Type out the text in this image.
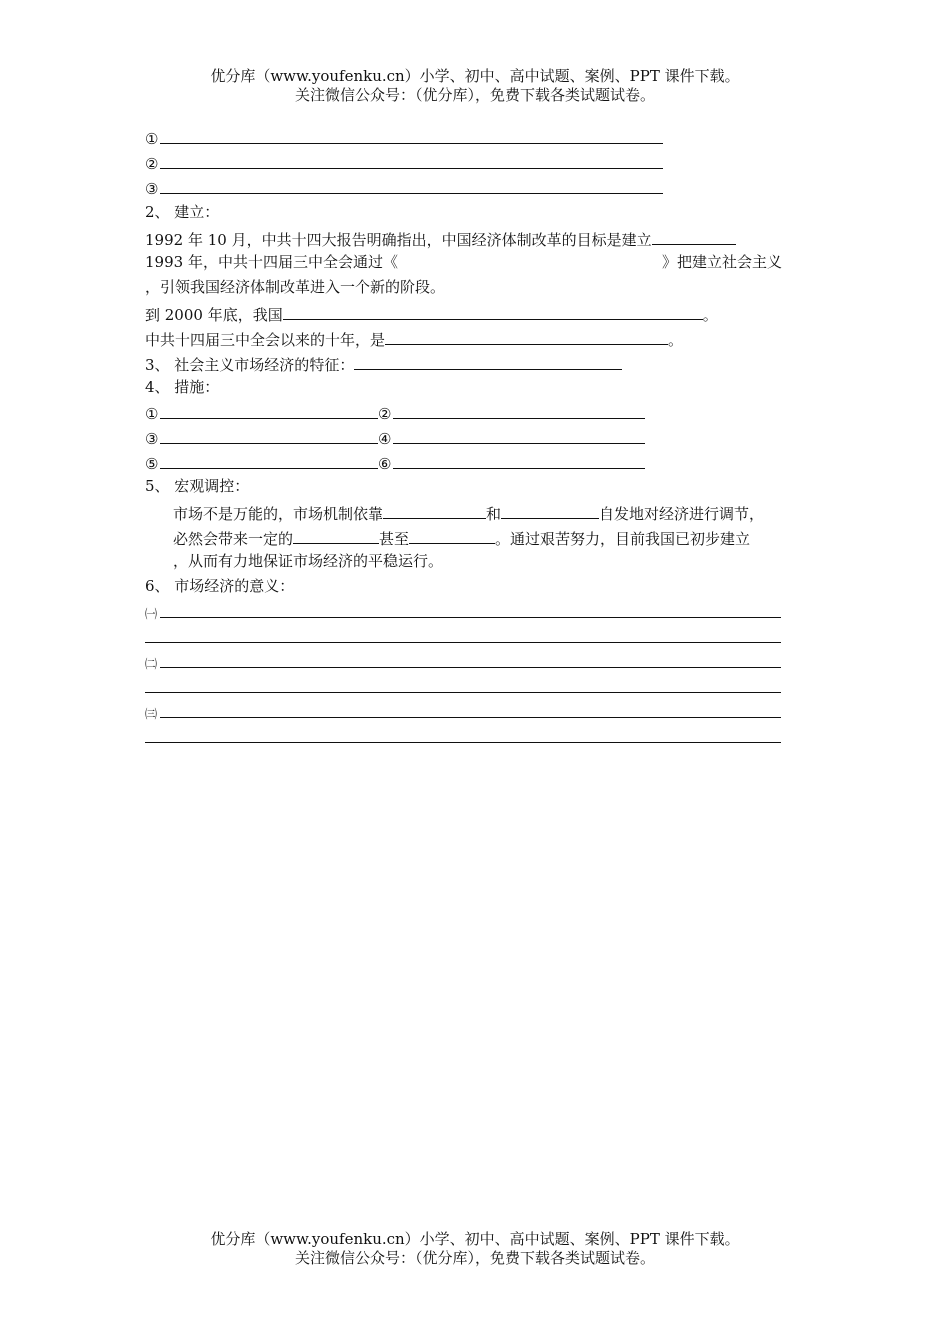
优分库（www.youfenku.cn）小学、初中、高中试题、案例、PPT 课件下载。
关注微信公众号：（优分库），免费下载各类试题试卷。
①
②
③
2、 建立：
1992 年 10 月，中共十四大报告明确指出，中国经济体制改革的目标是建立
1993 年，中共十四届三中全会通过《	》把建立社会主义
，引领我国经济体制改革进入一个新的阶段。
到 2000 年底，我国	。
中共十四届三中全会以来的十年，是	。
3、 社会主义市场经济的特征：
4、 措施：
①	②
③	④
⑤	⑥
5、 宏观调控：
市场不是万能的，市场机制依靠	和	自发地对经济进行调节，
必然会带来一定的	甚至	。通过艰苦努力，目前我国已初步建立
，从而有力地保证市场经济的平稳运行。
6、 市场经济的意义：
㈠
㈡
㈢
优分库（www.youfenku.cn）小学、初中、高中试题、案例、PPT 课件下载。
关注微信公众号：（优分库），免费下载各类试题试卷。
